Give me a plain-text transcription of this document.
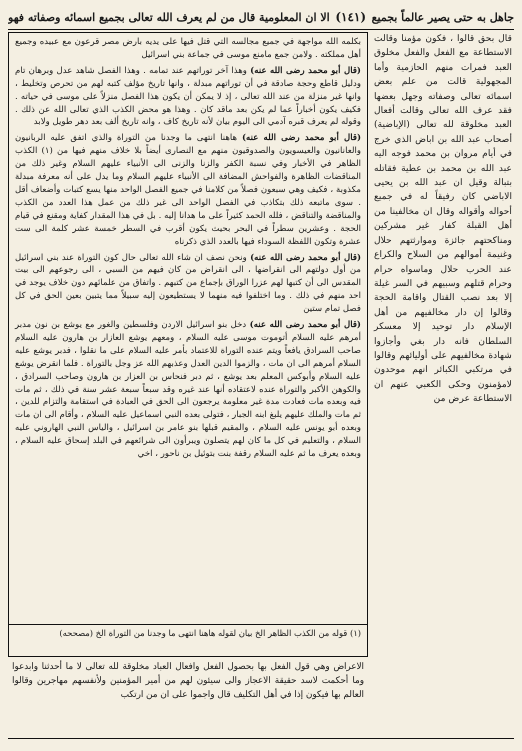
جاهل به حتى يصير عالماً بجميع
(١٤١)
الا ان المعلومية قال من لم يعرف الله تعالى بجميع اسمائه وصفاته فهو

بكلمه الله مواجهة في جميع مجالسه التي قتل فيها على يديه بارض مصر قرعون مع عبيده وجميع أهل مملكته . ولامن جمع مامنع موسى في جماعة بني اسرائيل

(قال أبو محمد رضى الله عنه) وهذا آخر توراتهم عند تمامه . وهذا الفصل شاهد عدل وبرهان تام ودليل قاطع وحجة صادقة في أن توراتهم مبدلة ، وانها تاريخ مؤلف كتبه لهم من تحرص وتخليط ، وانها غير منزلة من عند الله تعالى ، إذ لا يمكن أن يكون هذا الفصل منزلاً على موسى في حياته . فكيف يكون أخباراً عما لم يكن بعد ماقد كان . وهذا هو محض الكذب الذي تعالى الله عن ذلك . وقوله لم يعرف قبره آدمي الى اليوم بيان لأنه تاريخ كاف ، وانه تاريخ ألف بعد دهر طويل ولابد

(قال أبو محمد رضى الله عنه) هاهنا انتهى ما وجدنا من التوراة والذي اتفق عليه الربانيون والعانانيون والعيسويون والصدوقيون منهم مع النصارى أيضاً بلا خلاف منهم فيها من (١) الكذب الظاهر في الأخبار وفي نسبة الكفر والزنا والزنى الى الأنبياء عليهم السلام وغير ذلك من المناقضات الظاهرة والفواحش المضافة الى الأنبياء عليهم السلام وما يدل على أنه معرفة مبدلة مكذوبة ، فكيف وهي سبعون فصلاً من كلامنا في جميع الفصل الواحد منها يسع كتبات وأضعاف أقل . سوى ماتبعه ذلك بتكاذب في الفصل الواحد الى غير ذلك من عمل هذا العدد من الكذب والمناقضة والتناقض ، فلله الحمد كثيراً على ما هدانا إليه . بل في هذا المقدار كفاية ومقنع في قيام الحجة . وعشرين سطراً في البحر بحيث يكون أقرب في السطر خمسة عشر كلمة الى ست عشرة وتكون اللفظة السوداء فيها بالعدد الذي ذكرناه

(قال أبو محمد رضى الله عنه) ونحن نصف ان شاء الله تعالى حال كون التوراة عند بني اسرائيل من أول دولتهم الى انقراضها ، الى انقراض من كان فيهم من السبي ، الى رجوعهم الى بيت المقدس الى أن كتبها لهم عزرا الوراق بإجماع من كتبهم . واتفاق من علمائهم دون خلاف يوجد في احد منهم في ذلك . وما اختلفوا فيه منهما لا يستطيعون إليه سبيلاً مما يتبين بعين الحق في كل فصل تمام ستين

(قال أبو محمد رضى الله عنه) دخل بنو اسرائيل الاردن وفلسطين والغور مع يوشع بن نون مدبر أمرهم عليه السلام أتوموت موسى عليه السلام ، ومعهم يوشع العازار بن هارون عليه السلام صاحب السرادق يافعاً ويتم عنده التوراة للاعتماد بأمر عليه السلام على ما نقلوا ، فدبر يوشع عليه السلام أمرهم الى ان مات ، والزموا الدين العدل وعذبهم الله عز وجل بالتوراة . فلما انقرض يوشع عليه السلام وأبوكس المعلم بعد يوشع ، ثم دبر فنحاس بن العزار بن هارون وصاحب السرادق ، والكوهن الأكبر والتوراة عنده لاعتقاده أنها عند غيره وقد سبعاً سبعة عشر سنة في ذلك ، ثم مات فيه وبعده مات فعادت مدة غير معلومة يرجعون الى الحق في العبادة في استقامة والتزام للدين ، ثم مات والملك عليهم يلبغ ابنه الجبار ، فتولى بعده النبي اسماعيل عليه السلام ، وأقام الى ان مات وبعده أبو يونس عليه السلام ، والمقيم قبلها بنو عامر بن اسرائيل ، والياس النبي الهاروني عليه السلام ، والتعليم في كل ما كان لهم يتصلون ويبرأون الى شرائعهم في البلد إسحاق عليه السلام ، وبعده يعرف ما ثم عليه السلام رقفة بنت بتوئيل بن ناحور ، اخي

(١) قوله من الكذب الظاهر الخ بيان لقوله هاهنا انتهى ما وجدنا من التوراة الخ (مصححه)
الاعراض وهي قول الفعل بها بحصول الفعل وافعال العباد مخلوقة لله تعالى لا ما أحدثنا وابدعوا وما أحكمت لاسد حقيقة الاعجاز والى سيئون لهم من أمير المؤمنين ولأنفسهم مهاجرين وقالوا العالم بها فيكون إذا في أهل التكليف قال واجموا على ان من ارتكب
قال بحق قالوا ، فكون مؤمنا وقالت الاستطاعة مع الفعل والفعل مخلوق العبد فمرات منهم الحازمية وأما المجهولية قالت من علم بعض اسمائه تعالى وصفاته وجهل بعضها فقد عرف الله تعالى وقالت أفعال العبد مخلوقة لله تعالى (الإباضية) أصحاب عبد الله بن اباض الذي خرج في أيام مروان بن محمد فوجه اليه عبد الله بن محمد بن عطية فقاتله بتبالة وقيل ان عبد الله بن يحيى الاباضي كان رفيقاً له في جميع أحواله وأقواله وقال ان مخالفينا من أهل القبلة كفار غير مشركين ومناكحتهم جائزة وموارثتهم حلال وغنيمة أموالهم من السلاح والكراع عند الحرب حلال وماسواه حرام وحرام قتلهم وسبيهم في السر غيلة إلا بعد نصب القتال واقامة الحجة وقالوا إن دار مخالفيهم من أهل الإسلام دار توحيد إلا معسكر السلطان فانه دار بغي وأجازوا شهادة مخالفيهم على أوليائهم وقالوا في مرتكبي الكبائر انهم موحدون لامؤمنون وحكى الكعبي عنهم ان الاستطاعة عرض من
